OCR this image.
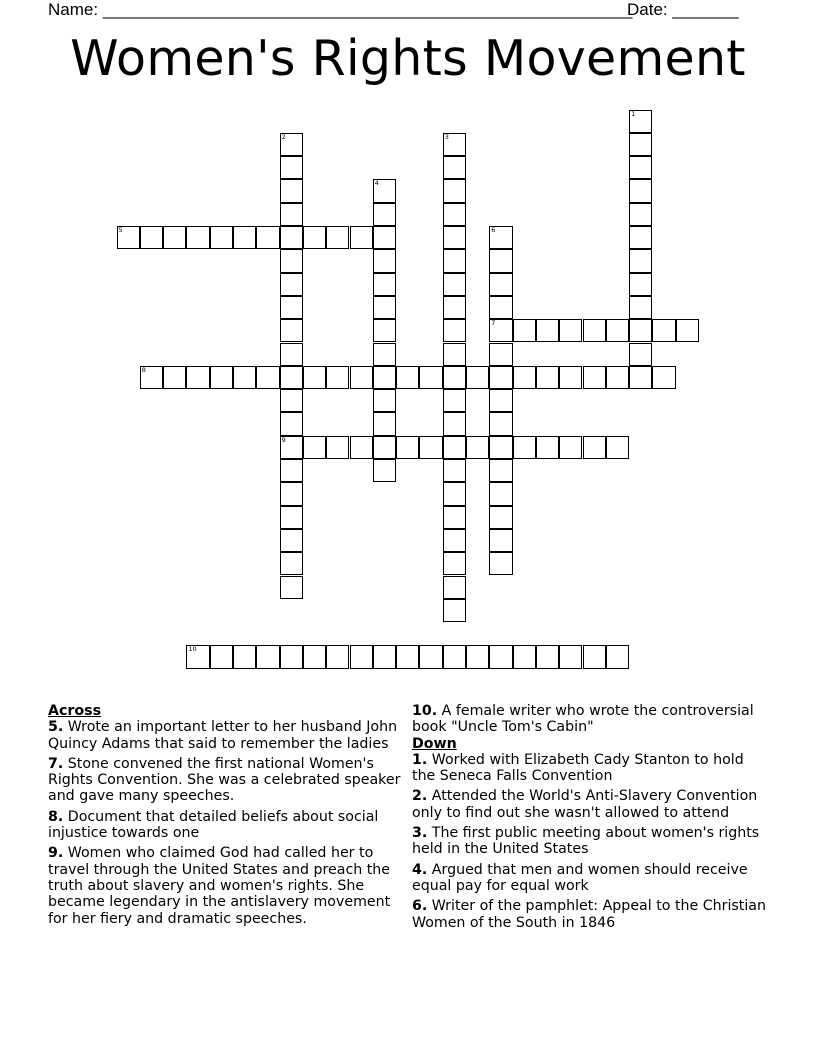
Name: ________________________________________________________
Date: _______
Women's Rights Movement
1
2
9
3
4
5	6
7
8
10
Across
5. Wrote an important letter to her husband John Quincy Adams that said to remember the ladies
7. Stone convened the first national Women's Rights Convention. She was a celebrated speaker and gave many speeches.
8. Document that detailed beliefs about social injustice towards one
9. Women who claimed God had called her to travel through the United States and preach the truth about slavery and women's rights. She became legendary in the antislavery movement for her fiery and dramatic speeches.
10. A female writer who wrote the controversial book "Uncle Tom's Cabin"
Down
1. Worked with Elizabeth Cady Stanton to hold the Seneca Falls Convention
2. Attended the World's Anti-Slavery Convention only to find out she wasn't allowed to attend
3. The first public meeting about women's rights held in the United States
4. Argued that men and women should receive equal pay for equal work
6. Writer of the pamphlet: Appeal to the Christian Women of the South in 1846
